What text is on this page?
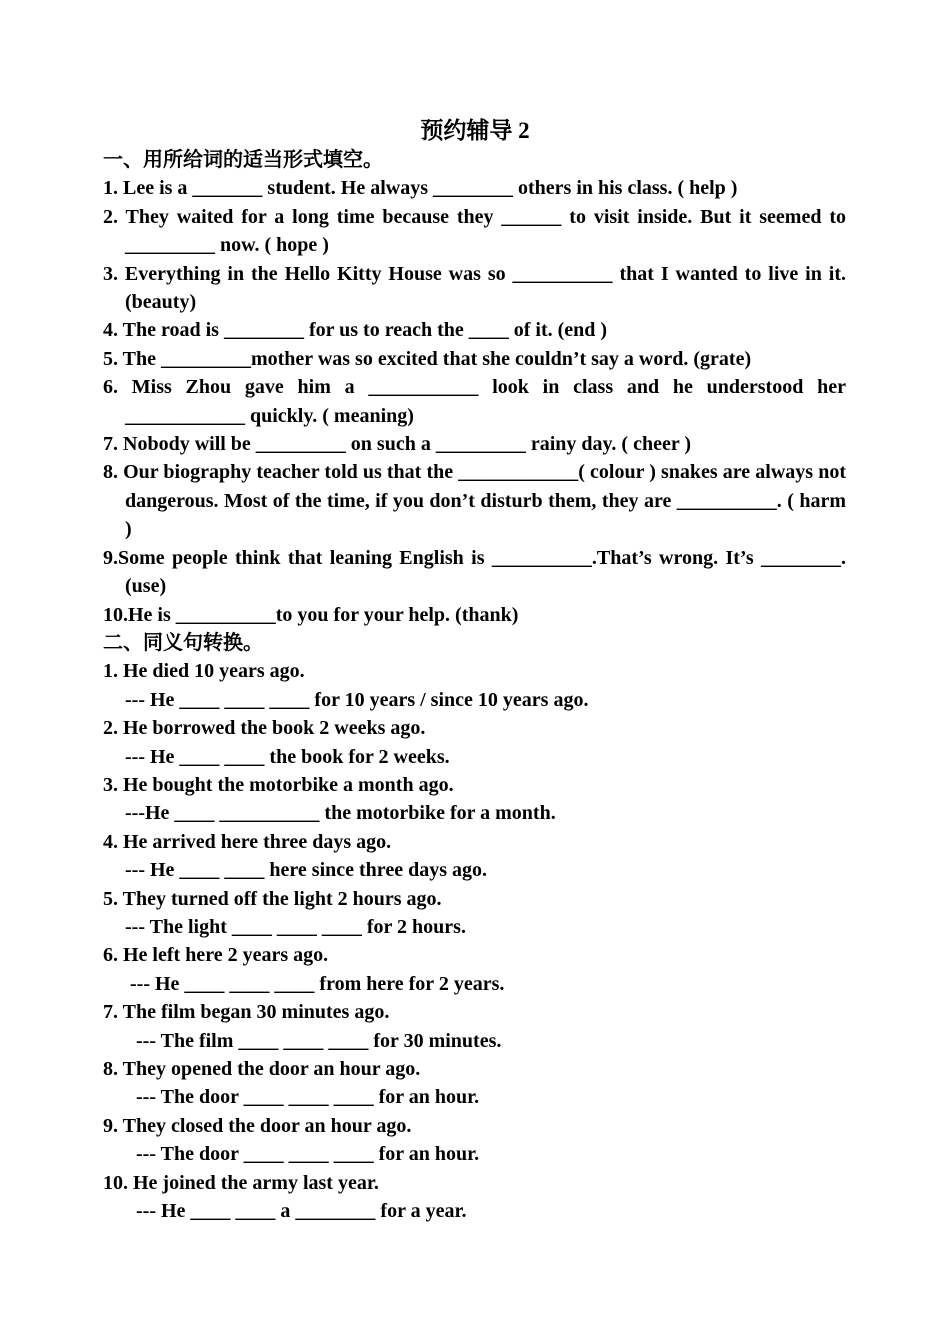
预约辅导 2
一、用所给词的适当形式填空。
1. Lee is a _______ student. He always ________ others in his class. ( help )
2. They waited for a long time because they ______ to visit inside. But it seemed to _________ now. ( hope )
3. Everything in the Hello Kitty House was so __________ that I wanted to live in it. (beauty)
4. The road is ________ for us to reach the ____ of it. (end )
5. The _________mother was so excited that she couldn’t say a word. (grate)
6. Miss Zhou gave him a ___________ look in class and he understood her ____________ quickly. ( meaning)
7. Nobody will be _________ on such a _________ rainy day. ( cheer )
8. Our biography teacher told us that the ____________( colour ) snakes are always not dangerous. Most of the time, if you don’t disturb them, they are __________. ( harm )
9.Some people think that leaning English is __________.That’s wrong. It’s ________. (use)
10.He is __________to you for your help. (thank)
二、同义句转换。
1. He died 10 years ago.
--- He ____ ____ ____ for 10 years / since 10 years ago.
2. He borrowed the book 2 weeks ago.
--- He ____ ____ the book for 2 weeks.
3. He bought the motorbike a month ago.
---He ____ __________ the motorbike for a month.
4. He arrived here three days ago.
--- He ____ ____ here since three days ago.
5. They turned off the light 2 hours ago.
--- The light ____ ____ ____ for 2 hours.
6. He left here 2 years ago.
--- He ____ ____ ____ from here for 2 years.
7. The film began 30 minutes ago.
--- The film ____ ____ ____ for 30 minutes.
8. They opened the door an hour ago.
--- The door ____ ____ ____ for an hour.
9. They closed the door an hour ago.
--- The door ____ ____ ____ for an hour.
10. He joined the army last year.
--- He ____ ____ a ________ for a year.
